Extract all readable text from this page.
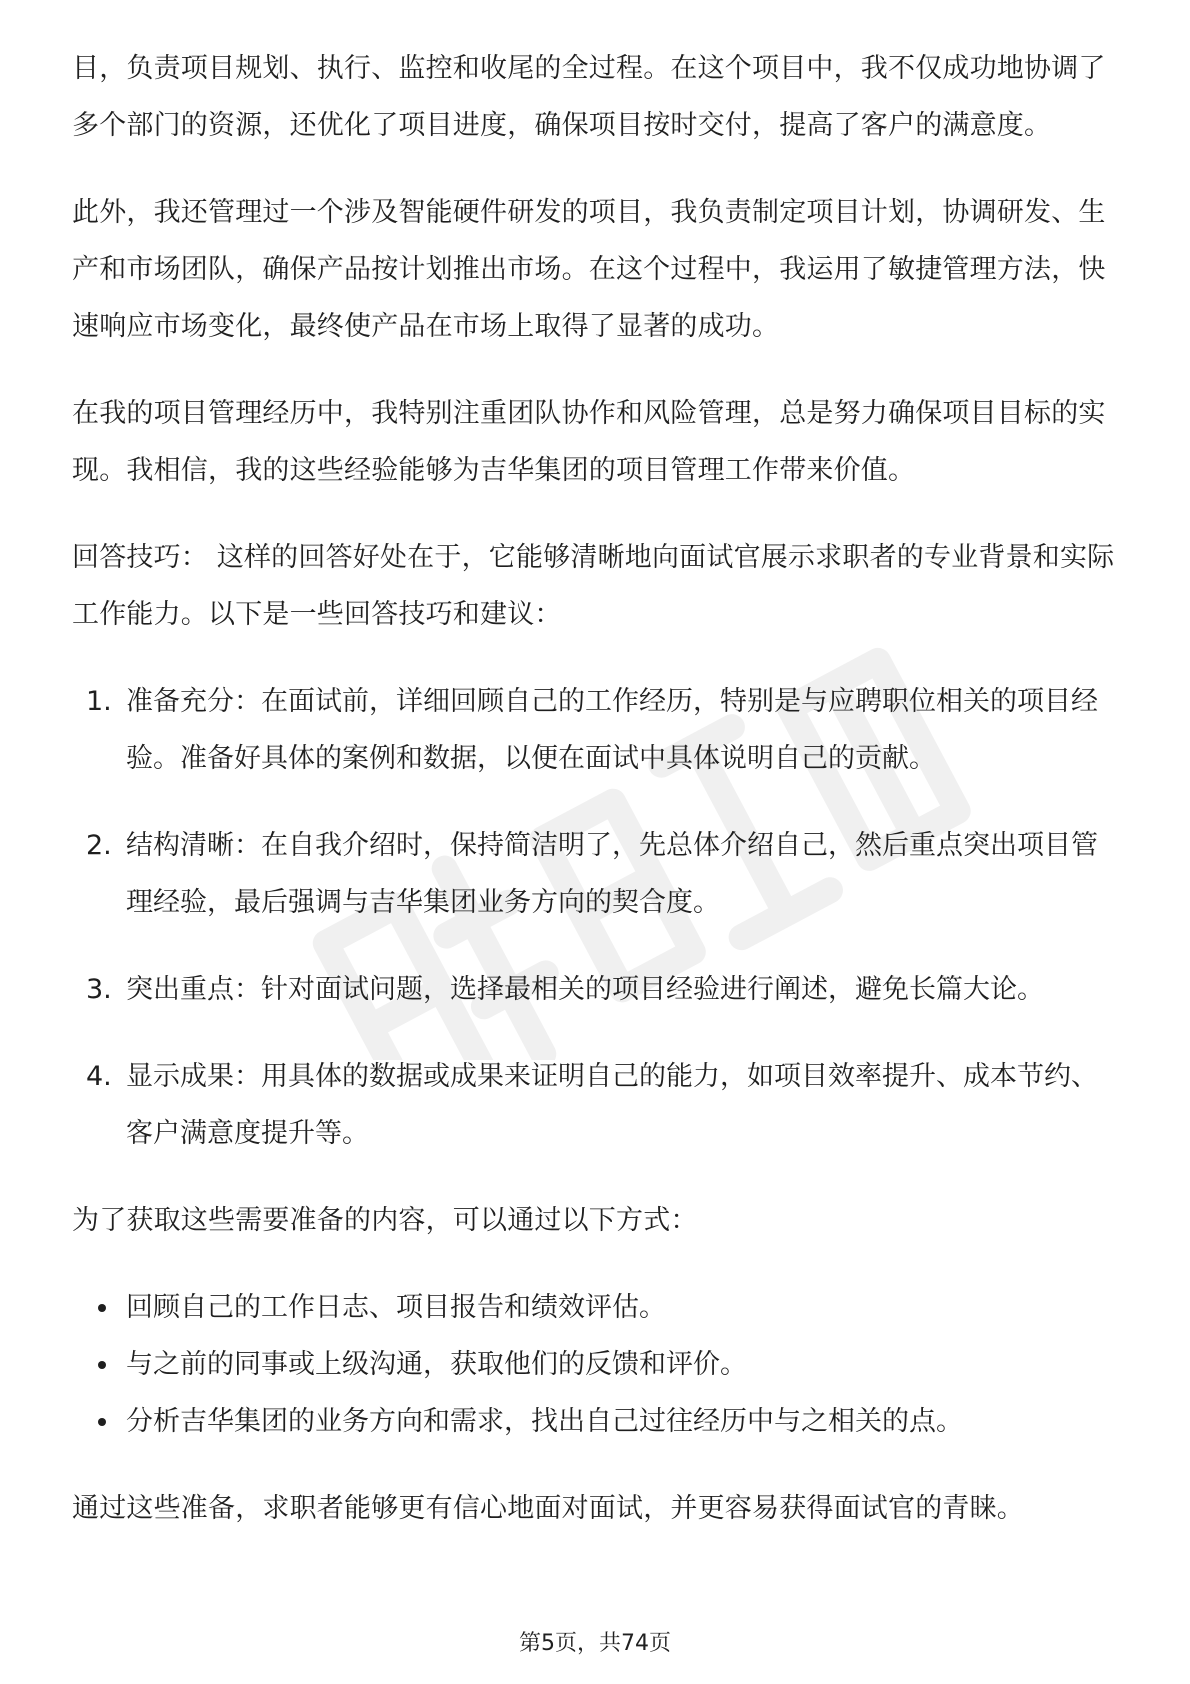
目，负责项目规划、执行、监控和收尾的全过程。在这个项目中，我不仅成功地协调了多个部门的资源，还优化了项目进度，确保项目按时交付，提高了客户的满意度。

此外，我还管理过一个涉及智能硬件研发的项目，我负责制定项目计划，协调研发、生产和市场团队，确保产品按计划推出市场。在这个过程中，我运用了敏捷管理方法，快速响应市场变化，最终使产品在市场上取得了显著的成功。

在我的项目管理经历中，我特别注重团队协作和风险管理，总是努力确保项目目标的实现。我相信，我的这些经验能够为吉华集团的项目管理工作带来价值。

回答技巧： 这样的回答好处在于，它能够清晰地向面试官展示求职者的专业背景和实际工作能力。以下是一些回答技巧和建议：

1. 准备充分：在面试前，详细回顾自己的工作经历，特别是与应聘职位相关的项目经验。准备好具体的案例和数据，以便在面试中具体说明自己的贡献。
2. 结构清晰：在自我介绍时，保持简洁明了，先总体介绍自己，然后重点突出项目管理经验，最后强调与吉华集团业务方向的契合度。
3. 突出重点：针对面试问题，选择最相关的项目经验进行阐述，避免长篇大论。
4. 显示成果：用具体的数据或成果来证明自己的能力，如项目效率提升、成本节约、客户满意度提升等。

为了获取这些需要准备的内容，可以通过以下方式：

回顾自己的工作日志、项目报告和绩效评估。
与之前的同事或上级沟通，获取他们的反馈和评价。
分析吉华集团的业务方向和需求，找出自己过往经历中与之相关的点。

通过这些准备，求职者能够更有信心地面对面试，并更容易获得面试官的青睐。

第5页，共74页
